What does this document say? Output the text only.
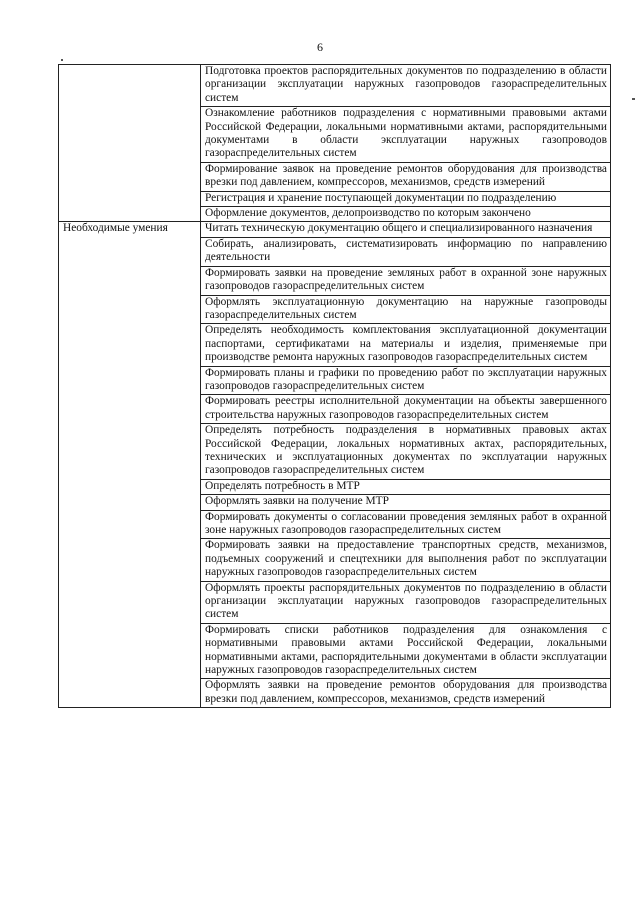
6
	Подготовка проектов распорядительных документов по подразделению в области организации эксплуатации наружных газопроводов газораспределительных систем
	Ознакомление работников подразделения с нормативными правовыми актами Российской Федерации, локальными нормативными актами, распорядительными документами в области эксплуатации наружных газопроводов газораспределительных систем
	Формирование заявок на проведение ремонтов оборудования для производства врезки под давлением, компрессоров, механизмов, средств измерений
	Регистрация и хранение поступающей документации по подразделению
	Оформление документов, делопроизводство по которым закончено
Необходимые умения	Читать техническую документацию общего и специализированного назначения
	Собирать, анализировать, систематизировать информацию по направлению деятельности
	Формировать заявки на проведение земляных работ в охранной зоне наружных газопроводов газораспределительных систем
	Оформлять эксплуатационную документацию на наружные газопроводы газораспределительных систем
	Определять необходимость комплектования эксплуатационной документации паспортами, сертификатами на материалы и изделия, применяемые при производстве ремонта наружных газопроводов газораспределительных систем
	Формировать планы и графики по проведению работ по эксплуатации наружных газопроводов газораспределительных систем
	Формировать реестры исполнительной документации на объекты завершенного строительства наружных газопроводов газораспределительных систем
	Определять потребность подразделения в нормативных правовых актах Российской Федерации, локальных нормативных актах, распорядительных, технических и эксплуатационных документах по эксплуатации наружных газопроводов газораспределительных систем
	Определять потребность в МТР
	Оформлять заявки на получение МТР
	Формировать документы о согласовании проведения земляных работ в охранной зоне наружных газопроводов газораспределительных систем
	Формировать заявки на предоставление транспортных средств, механизмов, подъемных сооружений и спецтехники для выполнения работ по эксплуатации наружных газопроводов газораспределительных систем
	Оформлять проекты распорядительных документов по подразделению в области организации эксплуатации наружных газопроводов газораспределительных систем
	Формировать списки работников подразделения для ознакомления с нормативными правовыми актами Российской Федерации, локальными нормативными актами, распорядительными документами в области эксплуатации наружных газопроводов газораспределительных систем
	Оформлять заявки на проведение ремонтов оборудования для производства врезки под давлением, компрессоров, механизмов, средств измерений
